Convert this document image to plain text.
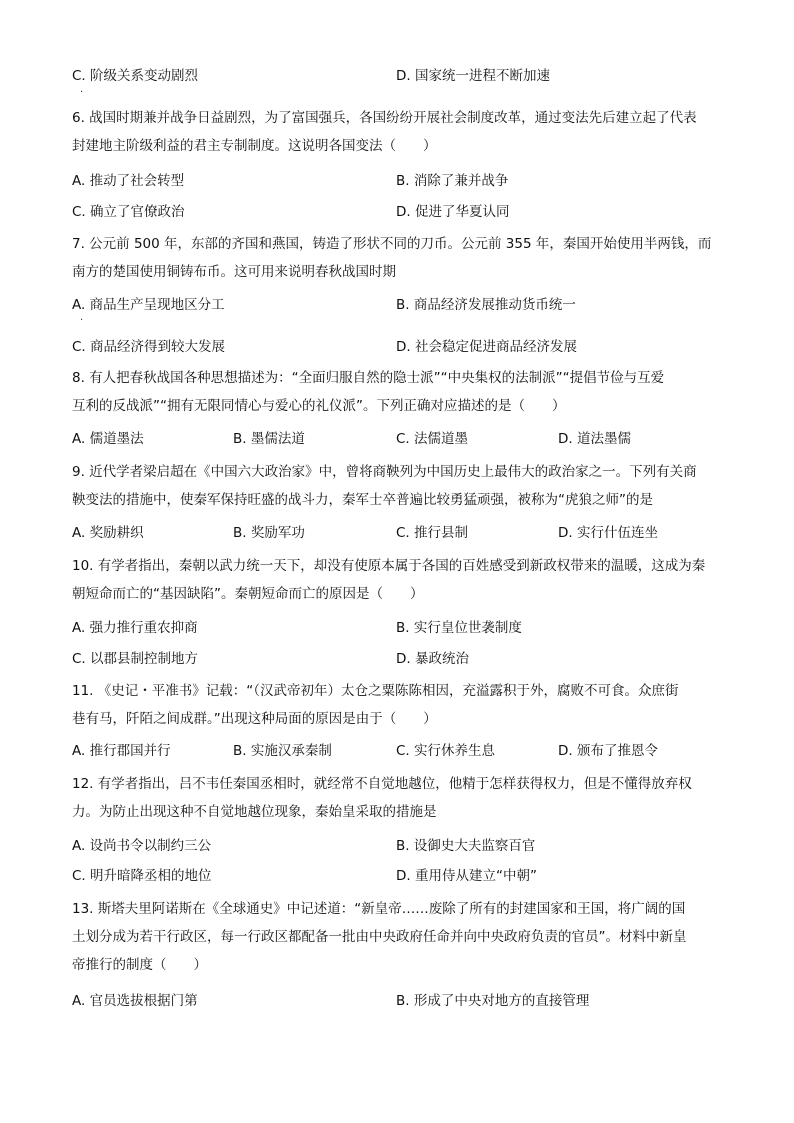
C. 阶级关系变动剧烈	D. 国家统一进程不断加速
·
6. 战国时期兼并战争日益剧烈，为了富国强兵，各国纷纷开展社会制度改革，通过变法先后建立起了代表
封建地主阶级利益的君主专制制度。这说明各国变法（　　）
A. 推动了社会转型	B. 消除了兼并战争
C. 确立了官僚政治	D. 促进了华夏认同
7. 公元前 500 年，东部的齐国和燕国，铸造了形状不同的刀币。公元前 355 年，秦国开始使用半两钱，而
南方的楚国使用铜铸布币。这可用来说明春秋战国时期
A. 商品生产呈现地区分工	B. 商品经济发展推动货币统一
·
C. 商品经济得到较大发展	D. 社会稳定促进商品经济发展
8. 有人把春秋战国各种思想描述为：“全面归服自然的隐士派”“中央集权的法制派”“提倡节俭与互爱
互利的反战派”“拥有无限同情心与爱心的礼仪派”。下列正确对应描述的是（　　）
A. 儒道墨法	B. 墨儒法道	C. 法儒道墨	D. 道法墨儒
9. 近代学者梁启超在《中国六大政治家》中，曾将商鞅列为中国历史上最伟大的政治家之一。下列有关商
鞅变法的措施中，使秦军保持旺盛的战斗力，秦军士卒普遍比较勇猛顽强，被称为“虎狼之师”的是
A. 奖励耕织	B. 奖励军功	C. 推行县制	D. 实行什伍连坐
10. 有学者指出，秦朝以武力统一天下，却没有使原本属于各国的百姓感受到新政权带来的温暖，这成为秦
朝短命而亡的“基因缺陷”。秦朝短命而亡的原因是（　　）
A. 强力推行重农抑商	B. 实行皇位世袭制度
C. 以郡县制控制地方	D. 暴政统治
11. 《史记・平准书》记载：“（汉武帝初年）太仓之粟陈陈相因，充溢露积于外，腐败不可食。众庶街
巷有马，阡陌之间成群。”出现这种局面的原因是由于（　　）
A. 推行郡国并行	B. 实施汉承秦制	C. 实行休养生息	D. 颁布了推恩令
12. 有学者指出，吕不韦任秦国丞相时，就经常不自觉地越位，他精于怎样获得权力，但是不懂得放弃权
力。为防止出现这种不自觉地越位现象，秦始皇采取的措施是
A. 设尚书令以制约三公	B. 设御史大夫监察百官
C. 明升暗降丞相的地位	D. 重用侍从建立“中朝”
13. 斯塔夫里阿诺斯在《全球通史》中记述道：“新皇帝……废除了所有的封建国家和王国，将广阔的国
土划分成为若干行政区，每一行政区都配备一批由中央政府任命并向中央政府负责的官员”。材料中新皇
帝推行的制度（　　）
A. 官员选拔根据门第	B. 形成了中央对地方的直接管理
